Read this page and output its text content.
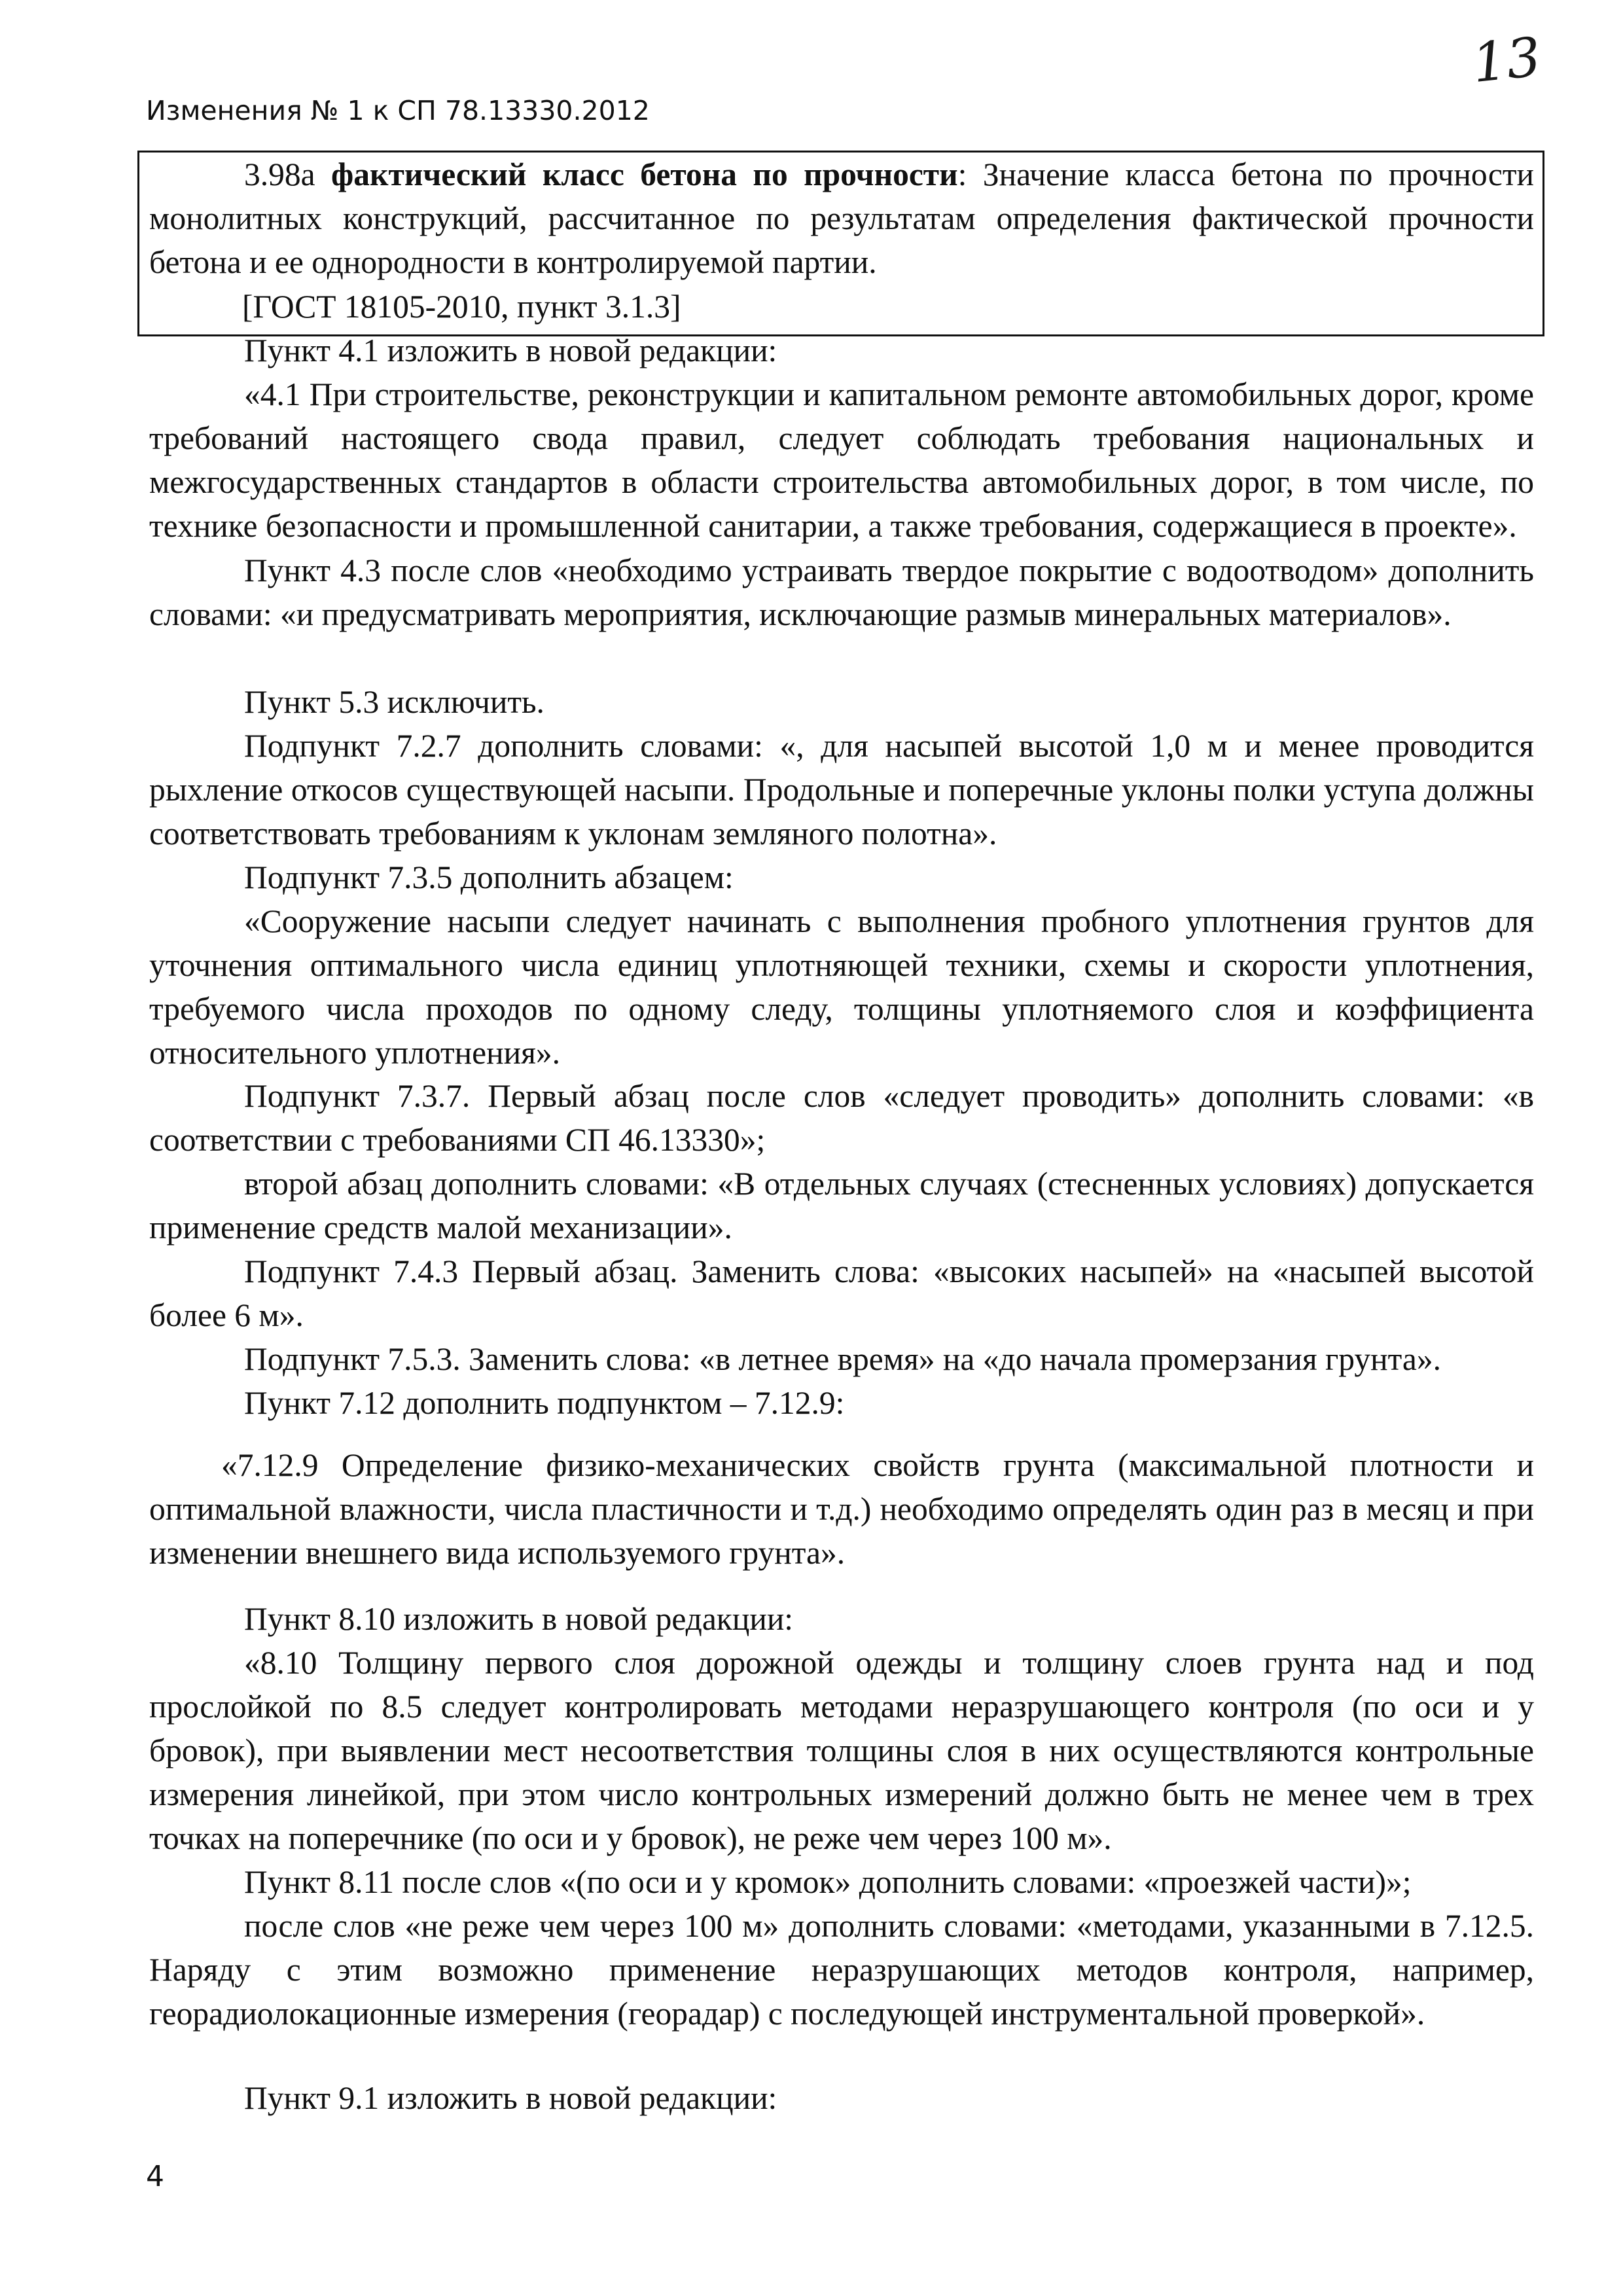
13
Изменения № 1 к СП 78.13330.2012
3.98а фактический класс бетона по прочности: Значение класса бетона по прочности монолитных конструкций, рассчитанное по результатам определения фактической прочности бетона и ее однородности в контролируемой партии.
[ГОСТ 18105-2010, пункт 3.1.3]
Пункт 4.1 изложить в новой редакции:
«4.1 При строительстве, реконструкции и капитальном ремонте автомобильных дорог, кроме требований настоящего свода правил, следует соблюдать требования национальных и межгосударственных стандартов в области строительства автомобильных дорог, в том числе, по технике безопасности и промышленной санитарии, а также требования, содержащиеся в проекте».
Пункт 4.3 после слов «необходимо устраивать твердое покрытие с водоотводом» дополнить словами: «и предусматривать мероприятия, исключающие размыв минеральных материалов».
Пункт 5.3 исключить.
Подпункт 7.2.7 дополнить словами: «, для насыпей высотой 1,0 м и менее проводится рыхление откосов существующей насыпи. Продольные и поперечные уклоны полки уступа должны соответствовать требованиям к уклонам земляного полотна».
Подпункт 7.3.5 дополнить абзацем:
«Сооружение насыпи следует начинать с выполнения пробного уплотнения грунтов для уточнения оптимального числа единиц уплотняющей техники, схемы и скорости уплотнения, требуемого числа проходов по одному следу, толщины уплотняемого слоя и коэффициента относительного уплотнения».
Подпункт 7.3.7. Первый абзац после слов «следует проводить» дополнить словами: «в соответствии с требованиями СП 46.13330»;
второй абзац дополнить словами: «В отдельных случаях (стесненных условиях) допускается применение средств малой механизации».
Подпункт 7.4.3 Первый абзац. Заменить слова: «высоких насыпей» на «насыпей высотой более 6 м».
Подпункт 7.5.3. Заменить слова: «в летнее время» на «до начала промерзания грунта».
Пункт 7.12 дополнить подпунктом – 7.12.9:
«7.12.9 Определение физико-механических свойств грунта (максимальной плотности и оптимальной влажности, числа пластичности и т.д.) необходимо определять один раз в месяц и при изменении внешнего вида используемого грунта».
Пункт 8.10 изложить в новой редакции:
«8.10 Толщину первого слоя дорожной одежды и толщину слоев грунта над и под прослойкой по 8.5 следует контролировать методами неразрушающего контроля (по оси и у бровок), при выявлении мест несоответствия толщины слоя в них осуществляются контрольные измерения линейкой, при этом число контрольных измерений должно быть не менее чем в трех точках на поперечнике (по оси и у бровок), не реже чем через 100 м».
Пункт 8.11 после слов «(по оси и у кромок» дополнить словами: «проезжей части)»;
после слов «не реже чем через 100 м» дополнить словами: «методами, указанными в 7.12.5. Наряду с этим возможно применение неразрушающих методов контроля, например, георадиолокационные измерения (георадар) с последующей инструментальной проверкой».
Пункт 9.1 изложить в новой редакции:
4
